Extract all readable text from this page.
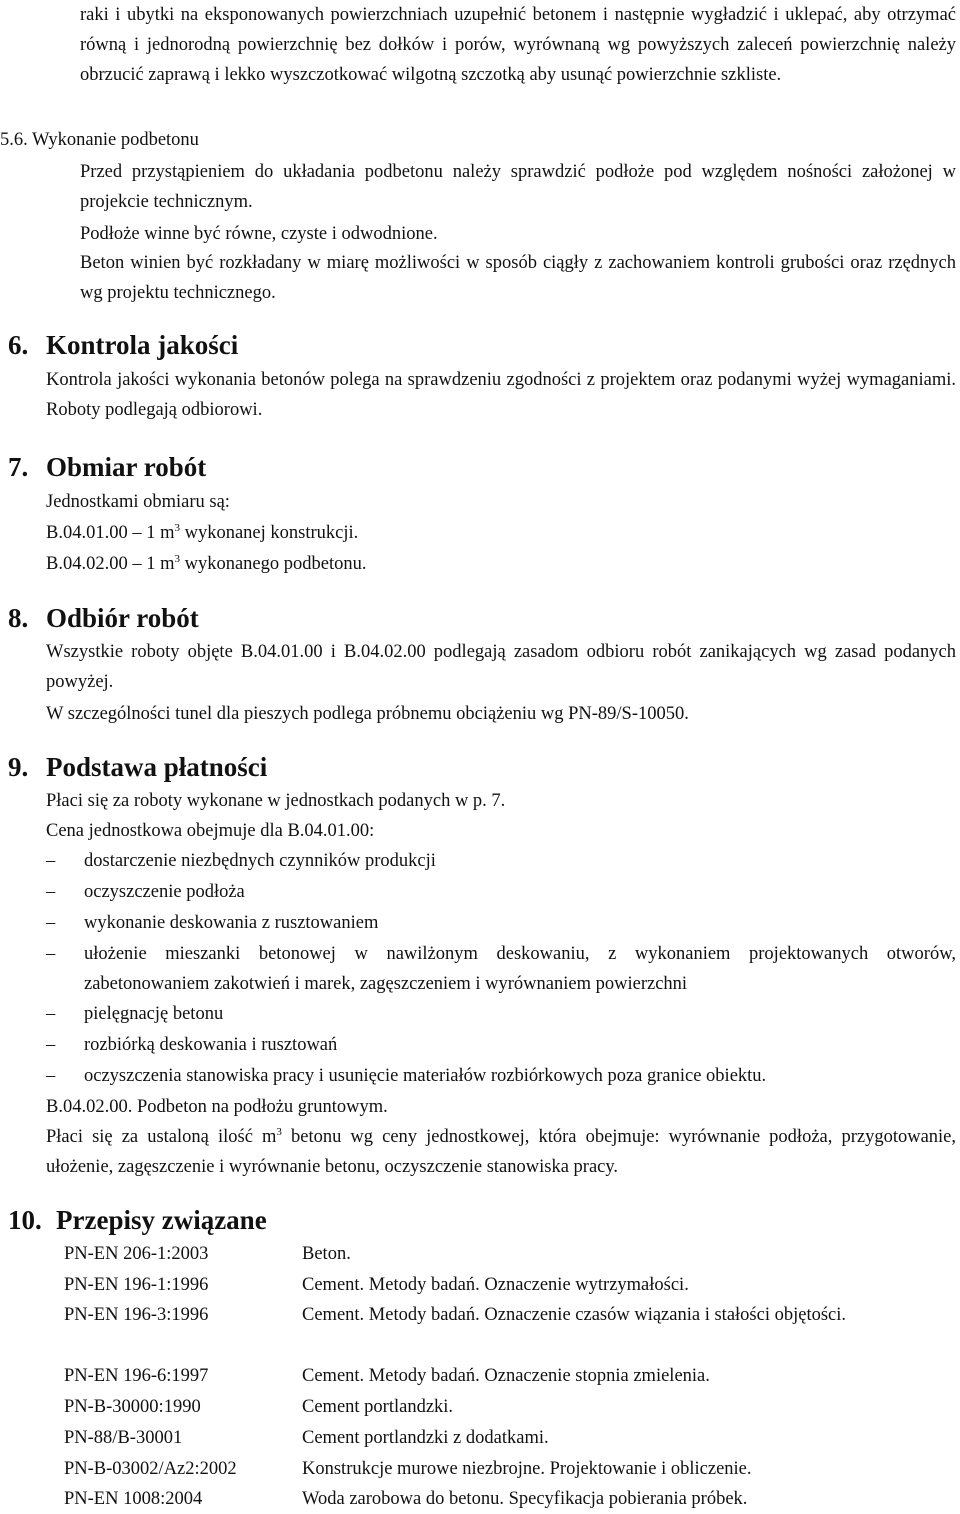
raki i ubytki na eksponowanych powierzchniach uzupełnić betonem i następnie wygładzić i uklepać, aby otrzymać równą i jednorodną powierzchnię bez dołków i porów, wyrównaną wg powyższych zaleceń powierzchnię należy obrzucić zaprawą i lekko wyszczotkować wilgotną szczotką aby usunąć powierzchnie szkliste.
5.6. Wykonanie podbetonu
Przed przystąpieniem do układania podbetonu należy sprawdzić podłoże pod względem nośności założonej w projekcie technicznym.
Podłoże winne być równe, czyste i odwodnione.
Beton winien być rozkładany w miarę możliwości w sposób ciągły z zachowaniem kontroli grubości oraz rzędnych wg projektu technicznego.
6. Kontrola jakości
Kontrola jakości wykonania betonów polega na sprawdzeniu zgodności z projektem oraz podanymi wyżej wymaganiami. Roboty podlegają odbiorowi.
7. Obmiar robót
Jednostkami obmiaru są:
B.04.01.00 – 1 $m^3$ wykonanej konstrukcji.
B.04.02.00 – 1 $m^3$ wykonanego podbetonu.
8. Odbiór robót
Wszystkie roboty objęte B.04.01.00 i B.04.02.00 podlegają zasadom odbioru robót zanikających wg zasad podanych powyżej.
W szczególności tunel dla pieszych podlega próbnemu obciążeniu wg PN-89/S-10050.
9. Podstawa płatności
Płaci się za roboty wykonane w jednostkach podanych w p. 7.
Cena jednostkowa obejmuje dla B.04.01.00:
– dostarczenie niezbędnych czynników produkcji
– oczyszczenie podłoża
– wykonanie deskowania z rusztowaniem
– ułożenie mieszanki betonowej w nawilżonym deskowaniu, z wykonaniem projektowanych otworów, zabetonowaniem zakotwień i marek, zagęszczeniem i wyrównaniem powierzchni
– pielęgnację betonu
– rozbiórką deskowania i rusztowań
– oczyszczenia stanowiska pracy i usunięcie materiałów rozbiórkowych poza granice obiektu.
B.04.02.00. Podbeton na podłożu gruntowym.
Płaci się za ustaloną ilość $m^3$ betonu wg ceny jednostkowej, która obejmuje: wyrównanie podłoża, przygotowanie, ułożenie, zagęszczenie i wyrównanie betonu, oczyszczenie stanowiska pracy.
10. Przepisy związane
PN-EN 206-1:2003	Beton.
PN-EN 196-1:1996	Cement. Metody badań. Oznaczenie wytrzymałości.
PN-EN 196-3:1996	Cement. Metody badań. Oznaczenie czasów wiązania i stałości objętości.
PN-EN 196-6:1997	Cement. Metody badań. Oznaczenie stopnia zmielenia.
PN-B-30000:1990	Cement portlandzki.
PN-88/B-30001	Cement portlandzki z dodatkami.
PN-B-03002/Az2:2002	Konstrukcje murowe niezbrojne. Projektowanie i obliczenie.
PN-EN 1008:2004	Woda zarobowa do betonu. Specyfikacja pobierania próbek.
